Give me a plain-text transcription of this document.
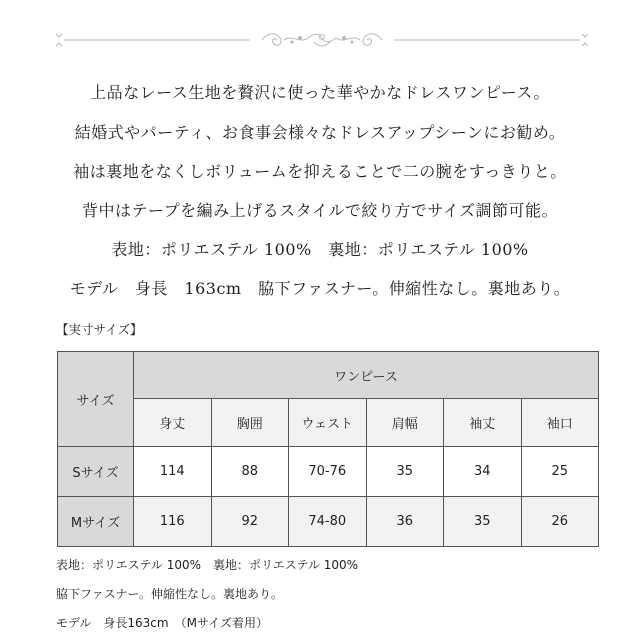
上品なレース生地を贅沢に使った華やかなドレスワンピース。
結婚式やパーティ、お食事会様々なドレスアップシーンにお勧め。
袖は裏地をなくしボリュームを抑えることで二の腕をすっきりと。
背中はテープを編み上げるスタイルで絞り方でサイズ調節可能。
表地：ポリエステル 100%　裏地：ポリエステル 100%
モデル　身長　163cm　脇下ファスナー。伸縮性なし。裏地あり。
【実寸サイズ】
サイズ	ワンピース					
	身丈	胸囲	ウェスト	肩幅	袖丈	袖口
Sサイズ	114	88	70-76	35	34	25
Mサイズ	116	92	74-80	36	35	26
表地：ポリエステル 100%　裏地：ポリエステル 100%
脇下ファスナー。伸縮性なし。裏地あり。
モデル　身長163cm　（Mサイズ着用）
